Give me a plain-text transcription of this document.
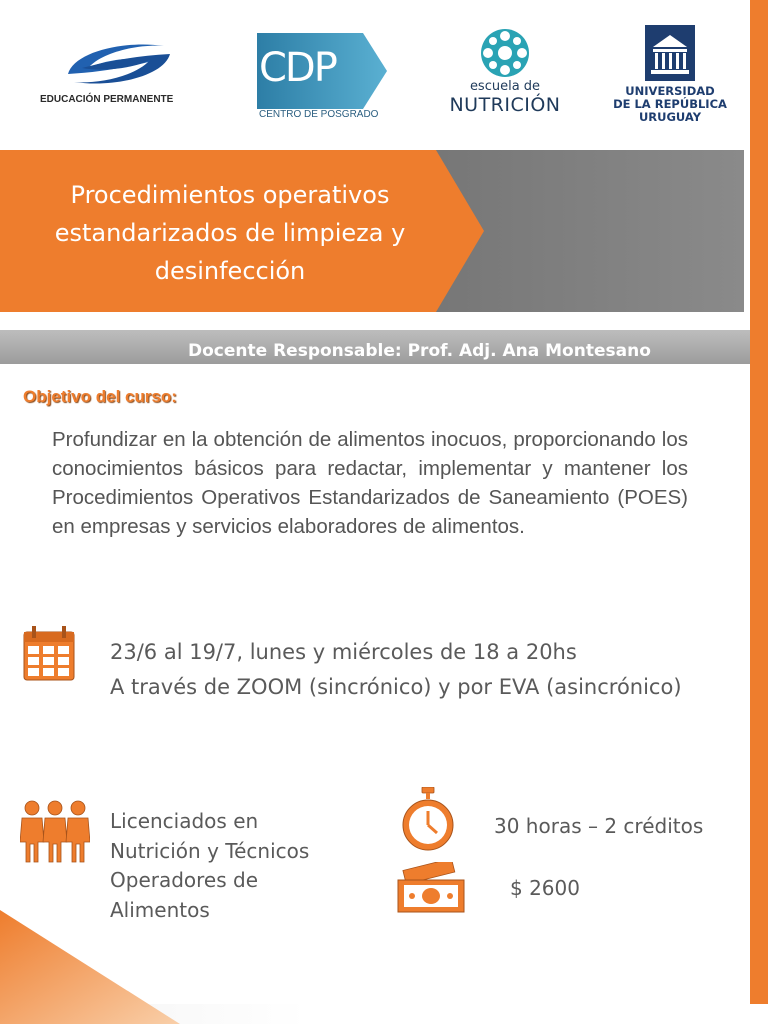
EDUCACIÓN PERMANENTE
CDP
CENTRO DE POSGRADO
escuela de
NUTRICIÓN
UNIVERSIDAD
DE LA REPÚBLICA
URUGUAY
Procedimientos operativos estandarizados de limpieza y desinfección
Docente Responsable: Prof. Adj. Ana Montesano
Objetivo del curso:
Profundizar en la obtención de alimentos inocuos, proporcionando los conocimientos básicos para redactar, implementar y mantener los Procedimientos Operativos Estandarizados de Saneamiento (POES) en empresas y servicios elaboradores de alimentos.
23/6 al 19/7, lunes y miércoles de 18 a 20hs
A través de ZOOM (sincrónico) y por EVA (asincrónico)
Licenciados en Nutrición y Técnicos Operadores de Alimentos
30 horas – 2 créditos
$ 2600
